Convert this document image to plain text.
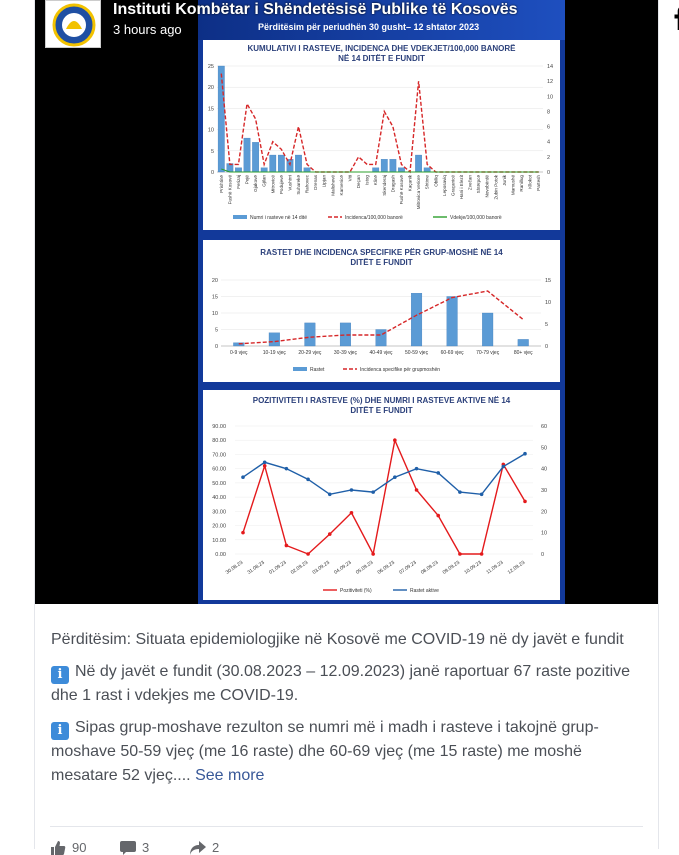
Përditësim për periudhën 30 gusht– 12 shtator 2023
KUMULATIVI I RASTEVE, INCIDENCA DHE VDEKJET/100,000 BANORË NË 14 DITËT E FUNDIT
0
5
10
15
20
25
0
2
4
6
8
10
12
14
Prishtinë Fushë Kosovë Ferizaj Pejë Gjakovë Gjilan Mitrovicë Podujevë Vushtrri Suharekë Rahovec Drenas Lipjan Malishevë Kamenicë Viti Deçan Istog Klinë Skenderaj Dragash Fushë Kosovë Kaçanik Mitrovica Veriore Shtime Obiliq Leposaviq Graçanicë Hani i Elezit Zvečan Shtërpcë Novobërdë Zubin Potok Junik Mamushë Ranillug Kllokot Partesh
Numri i rasteve në 14 ditë	Incidenca/100,000 banorë	Vdekje/100,000 banorë
RASTET DHE INCIDENCA SPECIFIKE PËR GRUP-MOSHË NË 14 DITËT E FUNDIT
0
5
10
15
20
0
5
10
15
0-9 vjeç	10-19 vjeç 20-29 vjeç 30-39 vjeç 40-49 vjeç 50-59 vjeç 60-69 vjeç 70-79 vjeç	80+ vjeç
Rastet	Incidenca specifike për grupmoshën
POZITIVITETI I RASTEVE (%) DHE NUMRI I RASTEVE AKTIVE NË 14 DITËT E FUNDIT
0.00
10.00
20.00
30.00
40.00
50.00
60.00
70.00
80.00
90.00
0
10
20
30
40
50
60
30.08.23 31.08.23 01.09.23 02.09.23 03.09.23 04.09.23 05.09.23 06.09.23 07.09.23 08.09.23 09.09.23 10.09.23 11.09.23 12.09.23
Pozitiviteti (%)	Rastet aktive
Instituti Kombëtar i Shëndetësisë Publike të Kosovës
3 hours ago

Përditësim: Situata epidemiologjike në Kosovë me COVID-19 në dy javët e fundit

i Në dy javët e fundit (30.08.2023 – 12.09.2023) janë raportuar 67 raste pozitive dhe 1 rast i vdekjes me COVID-19.

i Sipas grup-moshave rezulton se numri më i madh i rasteve i takojnë grup-moshave 50-59 vjeç (me 16 raste) dhe 60-69 vjeç (me 15 raste) me moshë mesatare 52 vjeç.... See more

90	3	2
